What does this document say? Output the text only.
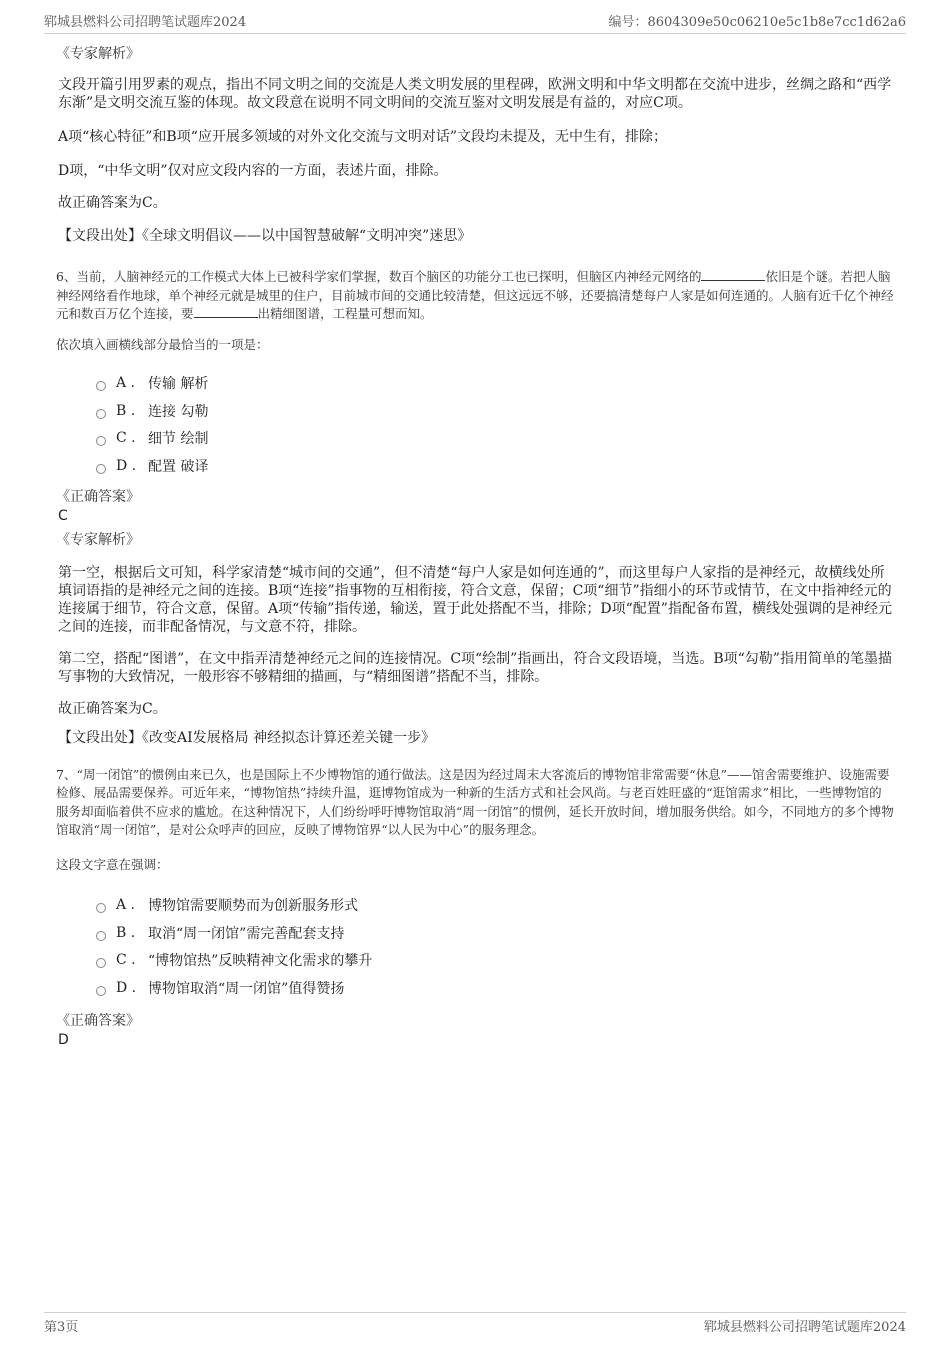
郓城县燃料公司招聘笔试题库2024	编号：8604309e50c06210e5c1b8e7cc1d62a6
《专家解析》

文段开篇引用罗素的观点，指出不同文明之间的交流是人类文明发展的里程碑，欧洲文明和中华文明都在交流中进步，丝绸之路和“西学东渐”是文明交流互鉴的体现。故文段意在说明不同文明间的交流互鉴对文明发展是有益的，对应C项。

A项“核心特征”和B项“应开展多领域的对外文化交流与文明对话”文段均未提及，无中生有，排除；

D项，“中华文明”仅对应文段内容的一方面，表述片面，排除。

故正确答案为C。

【文段出处】《全球文明倡议——以中国智慧破解“文明冲突”迷思》

6、当前，人脑神经元的工作模式大体上已被科学家们掌握，数百个脑区的功能分工也已探明，但脑区内神经元网络的	依旧是个谜。若把人脑神经网络看作地球，单个神经元就是城里的住户，目前城市间的交通比较清楚，但这远远不够，还要搞清楚每户人家是如何连通的。人脑有近千亿个神经元和数百万亿个连接，要	出精细图谱，工程量可想而知。
依次填入画横线部分最恰当的一项是：
A . 传输 解析
B . 连接 勾勒
C . 细节 绘制
D . 配置 破译
《正确答案》
C
《专家解析》

第一空，根据后文可知，科学家清楚“城市间的交通”，但不清楚“每户人家是如何连通的”，而这里每户人家指的是神经元，故横线处所填词语指的是神经元之间的连接。B项“连接”指事物的互相衔接，符合文意，保留；C项“细节”指细小的环节或情节，在文中指神经元的连接属于细节，符合文意，保留。A项“传输”指传递，输送，置于此处搭配不当，排除；D项“配置”指配备布置，横线处强调的是神经元之间的连接，而非配备情况，与文意不符，排除。

第二空，搭配“图谱”，在文中指弄清楚神经元之间的连接情况。C项“绘制”指画出，符合文段语境，当选。B项“勾勒”指用简单的笔墨描写事物的大致情况，一般形容不够精细的描画，与“精细图谱”搭配不当，排除。

故正确答案为C。

【文段出处】《改变AI发展格局 神经拟态计算还差关键一步》

7、“周一闭馆”的惯例由来已久，也是国际上不少博物馆的通行做法。这是因为经过周末大客流后的博物馆非常需要“休息”——馆舍需要维护、设施需要检修、展品需要保养。可近年来，“博物馆热”持续升温，逛博物馆成为一种新的生活方式和社会风尚。与老百姓旺盛的“逛馆需求”相比，一些博物馆的服务却面临着供不应求的尴尬。在这种情况下，人们纷纷呼吁博物馆取消“周一闭馆”的惯例，延长开放时间，增加服务供给。如今，不同地方的多个博物馆取消“周一闭馆”，是对公众呼声的回应，反映了博物馆界“以人民为中心”的服务理念。
这段文字意在强调：
A . 博物馆需要顺势而为创新服务形式
B . 取消“周一闭馆”需完善配套支持
C . “博物馆热”反映精神文化需求的攀升
D . 博物馆取消“周一闭馆”值得赞扬
《正确答案》
D
第3页	郓城县燃料公司招聘笔试题库2024
